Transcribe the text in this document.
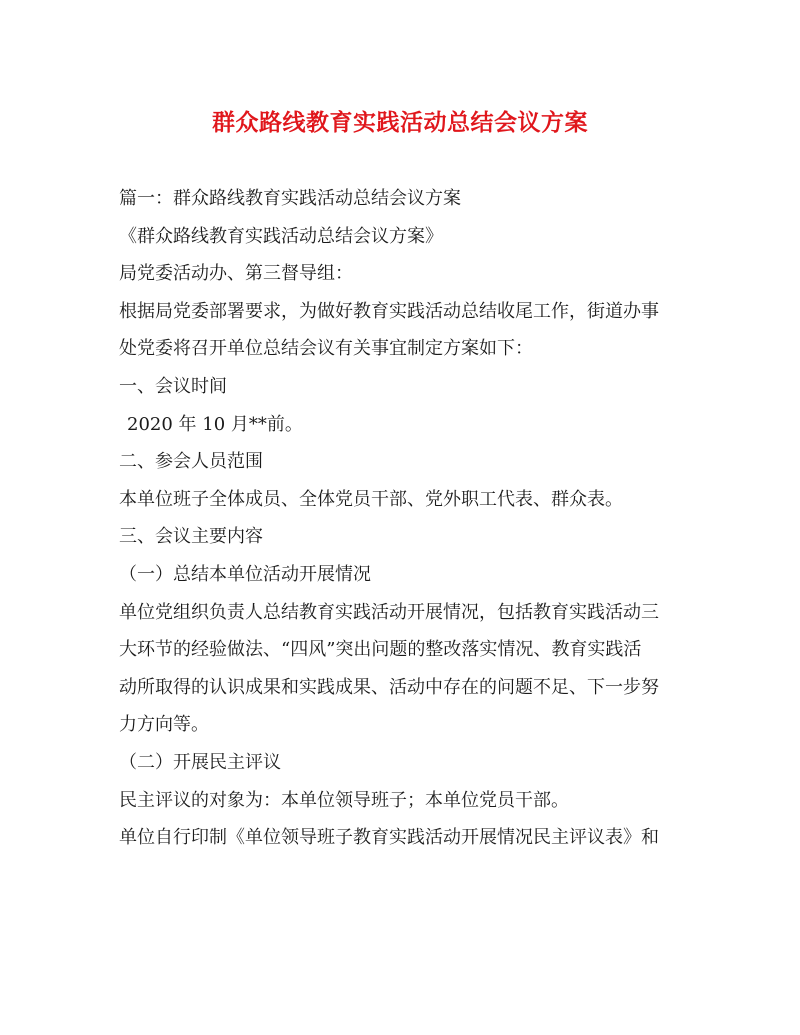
群众路线教育实践活动总结会议方案

篇一：群众路线教育实践活动总结会议方案

《群众路线教育实践活动总结会议方案》

局党委活动办、第三督导组：

根据局党委部署要求，为做好教育实践活动总结收尾工作，街道办事

处党委将召开单位总结会议有关事宜制定方案如下：

一、会议时间

2020 年 10 月**前。

二、参会人员范围

本单位班子全体成员、全体党员干部、党外职工代表、群众表。

三、会议主要内容

（一）总结本单位活动开展情况

单位党组织负责人总结教育实践活动开展情况，包括教育实践活动三

大环节的经验做法、“四风”突出问题的整改落实情况、教育实践活

动所取得的认识成果和实践成果、活动中存在的问题不足、下一步努

力方向等。

（二）开展民主评议

民主评议的对象为：本单位领导班子；本单位党员干部。

单位自行印制《单位领导班子教育实践活动开展情况民主评议表》和
